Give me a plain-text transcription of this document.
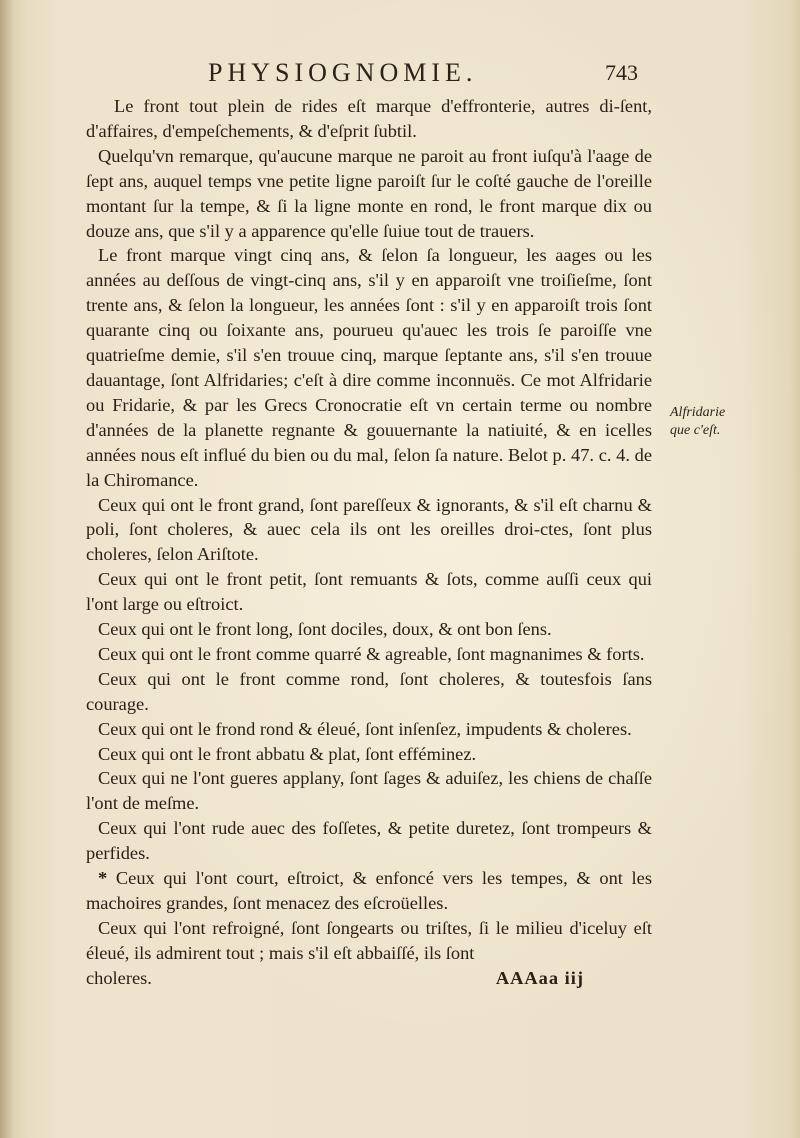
PHYSIOGNOMIE.	743

Le front tout plein de rides eſt marque d'effronterie, autres di-ſent, d'affaires, d'empeſchements, & d'eſprit ſubtil.

Quelqu'vn remarque, qu'aucune marque ne paroit au front iuſqu'à l'aage de ſept ans, auquel temps vne petite ligne paroiſt ſur le coſté gauche de l'oreille montant ſur la tempe, & ſi la ligne monte en rond, le front marque dix ou douze ans, que s'il y a apparence qu'elle ſuiue tout de trauers.

Le front marque vingt cinq ans, & ſelon ſa longueur, les aages ou les années au deſſous de vingt-cinq ans, s'il y en apparoiſt vne troiſieſme, ſont trente ans, & ſelon la longueur, les années ſont : s'il y en apparoiſt trois ſont quarante cinq ou ſoixante ans, pourueu qu'auec les trois ſe paroiſſe vne quatrieſme demie, s'il s'en trouue cinq, marque ſeptante ans, s'il s'en trouue dauantage, ſont Alfridaries; c'eſt à dire comme inconnuës. Ce mot Alfridarie ou Fridarie, & par les Grecs Cronocratie eſt vn certain terme ou nombre d'années de la planette regnante & gouuernante la natiuité, & en icelles années nous eſt influé du bien ou du mal, ſelon ſa nature. Belot p. 47. c. 4. de la Chiromance.

Ceux qui ont le front grand, ſont pareſſeux & ignorants, & s'il eſt charnu & poli, ſont choleres, & auec cela ils ont les oreilles droi-ctes, ſont plus choleres, ſelon Ariſtote.

Ceux qui ont le front petit, ſont remuants & ſots, comme auſſi ceux qui l'ont large ou eſtroict.

Ceux qui ont le front long, ſont dociles, doux, & ont bon ſens.

Ceux qui ont le front comme quarré & agreable, ſont magnanimes & forts.

Ceux qui ont le front comme rond, ſont choleres, & toutesfois ſans courage.

Ceux qui ont le frond rond & éleué, ſont inſenſez, impudents & choleres.

Ceux qui ont le front abbatu & plat, ſont efféminez.

Ceux qui ne l'ont gueres applany, ſont ſages & aduiſez, les chiens de chaſſe l'ont de meſme.

Ceux qui l'ont rude auec des foſſetes, & petite duretez, ſont trompeurs & perfides.

* Ceux qui l'ont court, eſtroict, & enfoncé vers les tempes, & ont les machoires grandes, ſont menacez des eſcroüelles.

Ceux qui l'ont refroigné, ſont ſongearts ou triſtes, ſi le milieu d'iceluy eſt éleué, ils admirent tout ; mais s'il eſt abbaiſſé, ils ſont

choleres.	AAAaa iij
Alfridarie que c'eſt.
